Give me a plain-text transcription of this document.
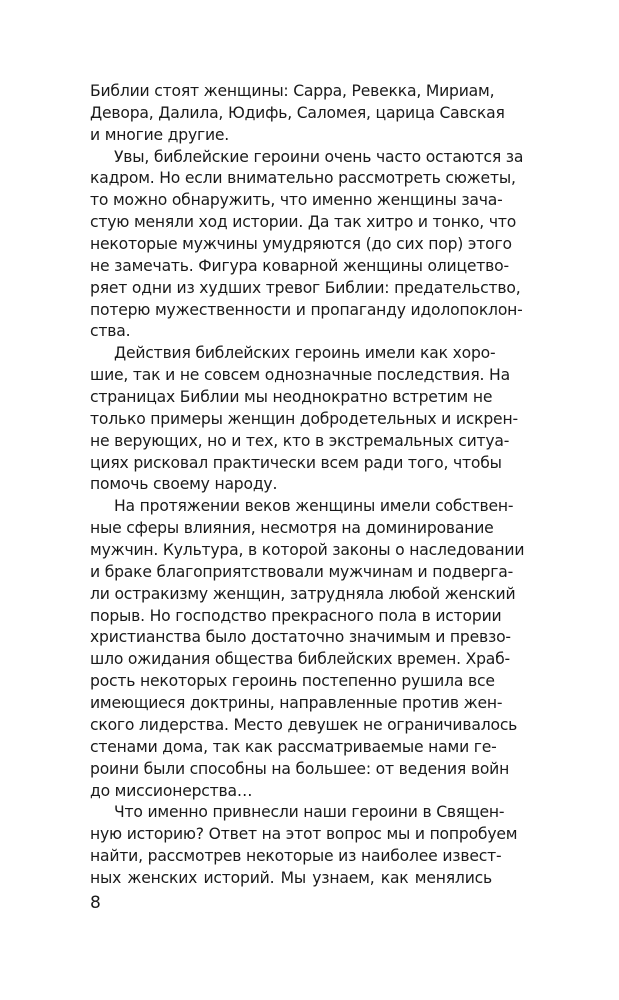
Библии стоят женщины: Сарра, Ревекка, Мириам,
Девора, Далила, Юдифь, Саломея, царица Савская
и многие другие.
Увы, библейские героини очень часто остаются за
кадром. Но если внимательно рассмотреть сюжеты,
то можно обнаружить, что именно женщины зача-
стую меняли ход истории. Да так хитро и тонко, что
некоторые мужчины умудряются (до сих пор) этого
не замечать. Фигура коварной женщины олицетво-
ряет одни из худших тревог Библии: предательство,
потерю мужественности и пропаганду идолопоклон-
ства.
Действия библейских героинь имели как хоро-
шие, так и не совсем однозначные последствия. На
страницах Библии мы неоднократно встретим не
только примеры женщин добродетельных и искрен-
не верующих, но и тех, кто в экстремальных ситуа-
циях рисковал практически всем ради того, чтобы
помочь своему народу.
На протяжении веков женщины имели собствен-
ные сферы влияния, несмотря на доминирование
мужчин. Культура, в которой законы о наследовании
и браке благоприятствовали мужчинам и подверга-
ли остракизму женщин, затрудняла любой женский
порыв. Но господство прекрасного пола в истории
христианства было достаточно значимым и превзо-
шло ожидания общества библейских времен. Храб-
рость некоторых героинь постепенно рушила все
имеющиеся доктрины, направленные против жен-
ского лидерства. Место девушек не ограничивалось
стенами дома, так как рассматриваемые нами ге-
роини были способны на большее: от ведения войн
до миссионерства…
Что именно привнесли наши героини в Священ-
ную историю? Ответ на этот вопрос мы и попробуем
найти, рассмотрев некоторые из наиболее извест-
ных женских историй. Мы узнаем, как менялись
8
